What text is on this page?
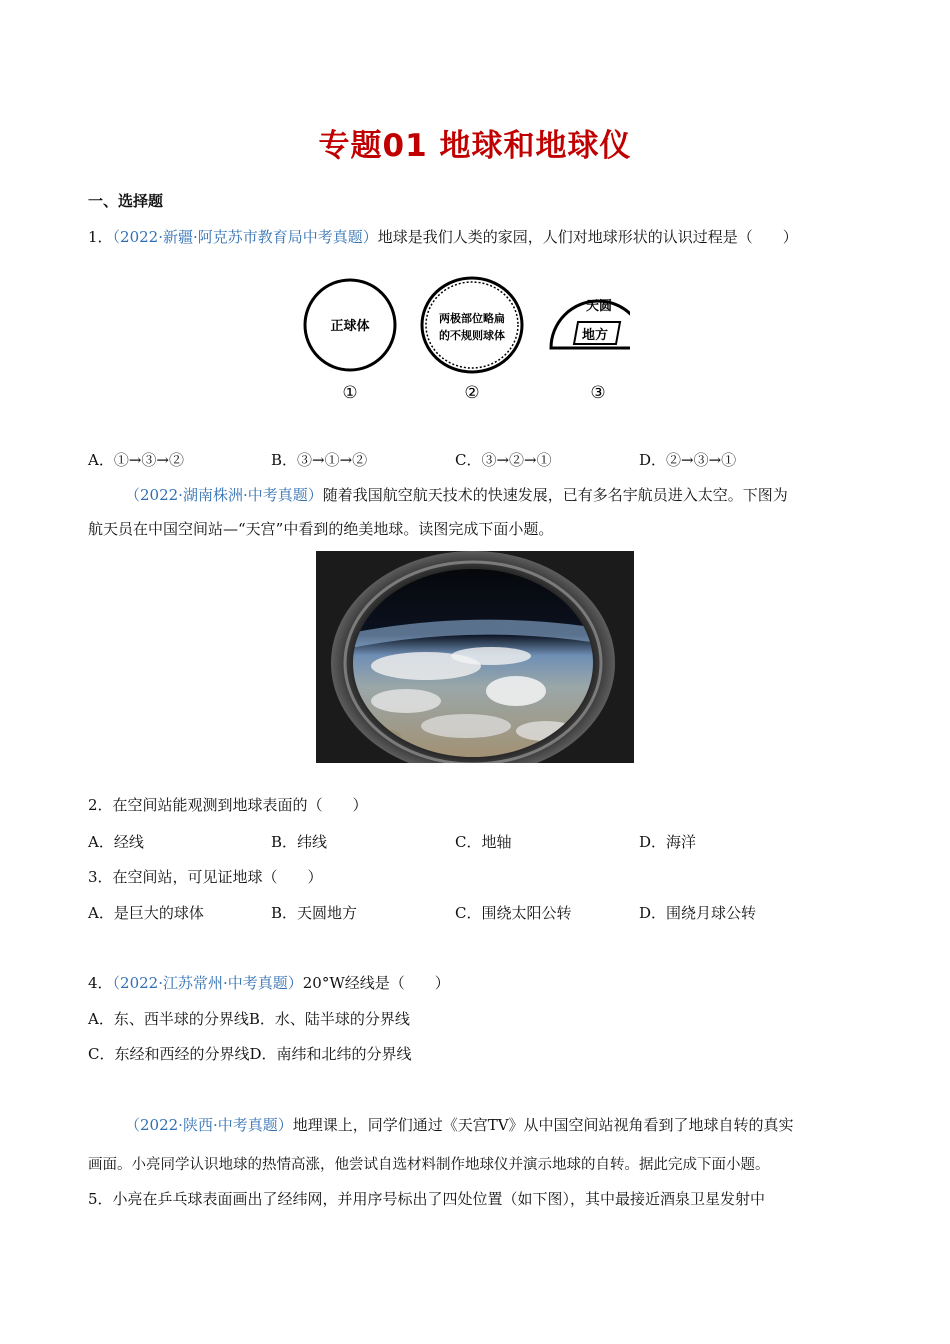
专题01 地球和地球仪
一、选择题
1．（2022·新疆·阿克苏市教育局中考真题）地球是我们人类的家园，人们对地球形状的认识过程是（　　）
正球体
两极部位略扁
的不规则球体
天圆
地方
①	②	③
A．①→③→②	B．③→①→②	C．③→②→①	D．②→③→①
（2022·湖南株洲·中考真题）随着我国航空航天技术的快速发展，已有多名宇航员进入太空。下图为
航天员在中国空间站—“天宫”中看到的绝美地球。读图完成下面小题。
2．在空间站能观测到地球表面的（　　）
A．经线	B．纬线	C．地轴	D．海洋
3．在空间站，可见证地球（　　）
A．是巨大的球体	B．天圆地方	C．围绕太阳公转	D．围绕月球公转
4．（2022·江苏常州·中考真题）20°W经线是（　　）
A．东、西半球的分界线B．水、陆半球的分界线
C．东经和西经的分界线D．南纬和北纬的分界线
（2022·陕西·中考真题）地理课上，同学们通过《天宫TV》从中国空间站视角看到了地球自转的真实
画面。小亮同学认识地球的热情高涨，他尝试自选材料制作地球仪并演示地球的自转。据此完成下面小题。
5．小亮在乒乓球表面画出了经纬网，并用序号标出了四处位置（如下图），其中最接近酒泉卫星发射中
